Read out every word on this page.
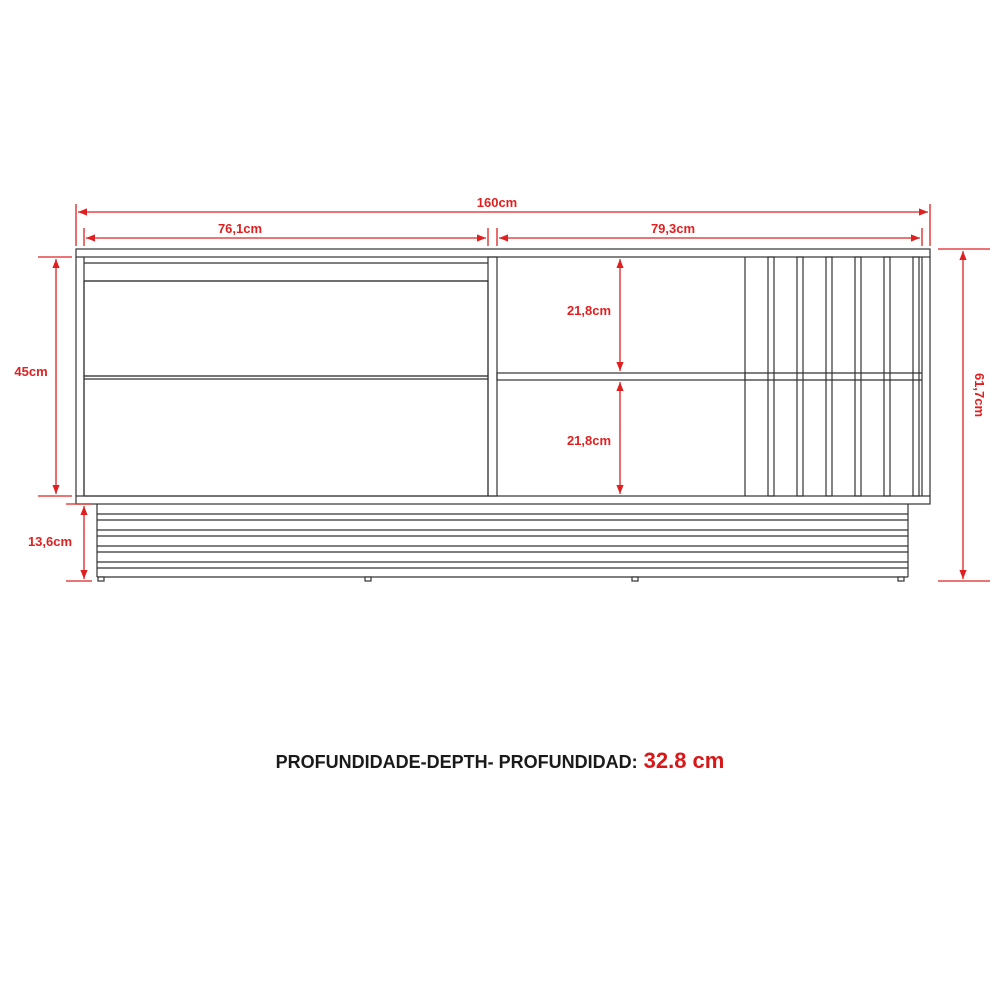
160cm
76,1cm	79,3cm
45cm
21,8cm
21,8cm
13,6cm
61,7cm
PROFUNDIDADE-DEPTH- PROFUNDIDAD: 32.8 cm
